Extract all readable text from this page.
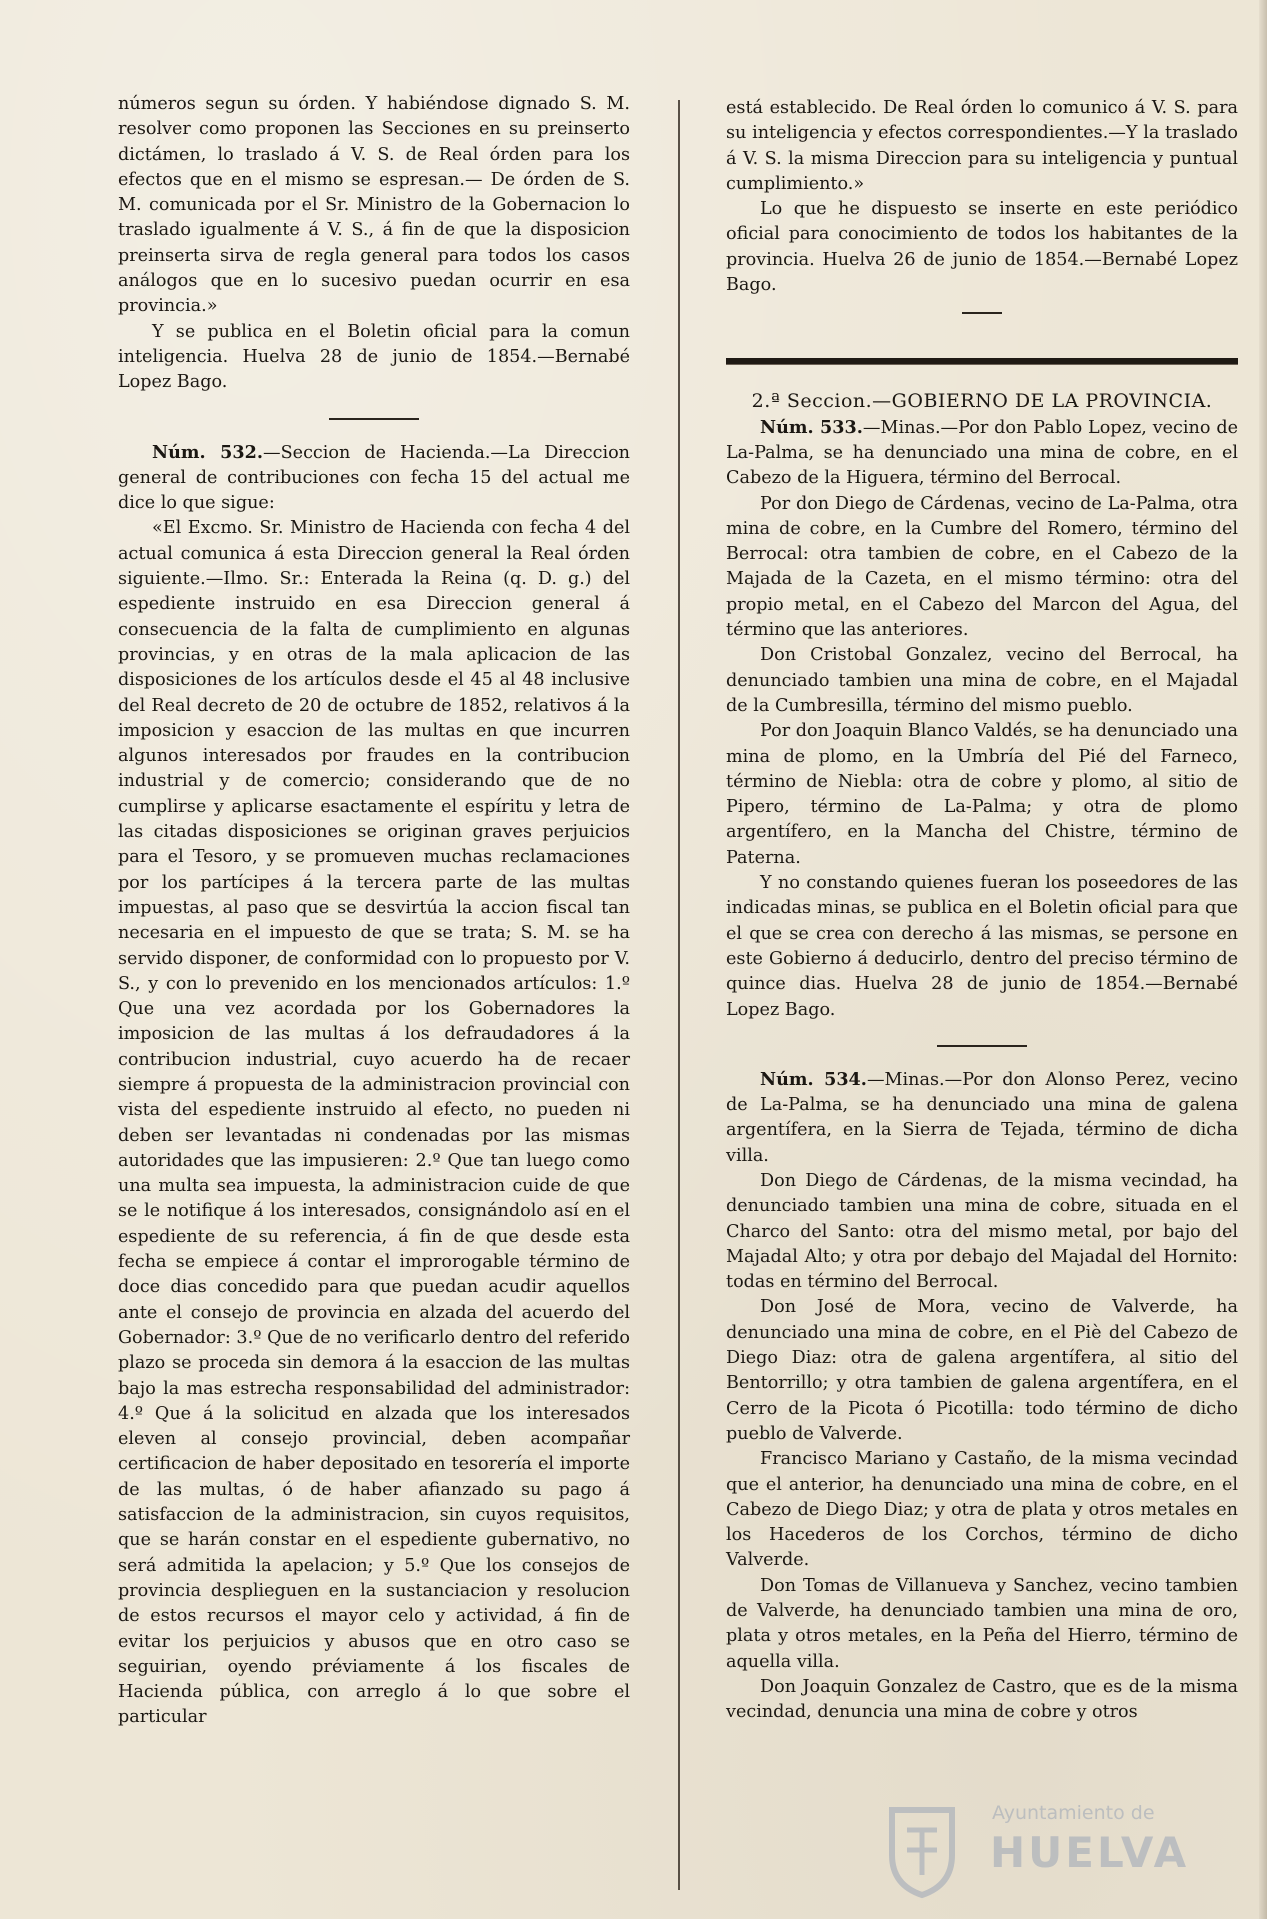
números segun su órden. Y habiéndose dignado S. M. resolver como proponen las Secciones en su preinserto dictámen, lo traslado á V. S. de Real órden para los efectos que en el mismo se espresan.— De órden de S. M. comunicada por el Sr. Ministro de la Gobernacion lo traslado igualmente á V. S., á fin de que la disposicion preinserta sirva de regla general para todos los casos análogos que en lo sucesivo puedan ocurrir en esa provincia.»

Y se publica en el Boletin oficial para la comun inteligencia. Huelva 28 de junio de 1854.—Bernabé Lopez Bago.

Núm. 532.—Seccion de Hacienda.—La Direccion general de contribuciones con fecha 15 del actual me dice lo que sigue:

«El Excmo. Sr. Ministro de Hacienda con fecha 4 del actual comunica á esta Direccion general la Real órden siguiente.—Ilmo. Sr.: Enterada la Reina (q. D. g.) del espediente instruido en esa Direccion general á consecuencia de la falta de cumplimiento en algunas provincias, y en otras de la mala aplicacion de las disposiciones de los artículos desde el 45 al 48 inclusive del Real decreto de 20 de octubre de 1852, relativos á la imposicion y esaccion de las multas en que incurren algunos interesados por fraudes en la contribucion industrial y de comercio; considerando que de no cumplirse y aplicarse esactamente el espíritu y letra de las citadas disposiciones se originan graves perjuicios para el Tesoro, y se promueven muchas reclamaciones por los partícipes á la tercera parte de las multas impuestas, al paso que se desvirtúa la accion fiscal tan necesaria en el impuesto de que se trata; S. M. se ha servido disponer, de conformidad con lo propuesto por V. S., y con lo prevenido en los mencionados artículos: 1.º Que una vez acordada por los Gobernadores la imposicion de las multas á los defraudadores á la contribucion industrial, cuyo acuerdo ha de recaer siempre á propuesta de la administracion provincial con vista del espediente instruido al efecto, no pueden ni deben ser levantadas ni condenadas por las mismas autoridades que las impusieren: 2.º Que tan luego como una multa sea impuesta, la administracion cuide de que se le notifique á los interesados, consignándolo así en el espediente de su referencia, á fin de que desde esta fecha se empiece á contar el improrogable término de doce dias concedido para que puedan acudir aquellos ante el consejo de provincia en alzada del acuerdo del Gobernador: 3.º Que de no verificarlo dentro del referido plazo se proceda sin demora á la esaccion de las multas bajo la mas estrecha responsabilidad del administrador: 4.º Que á la solicitud en alzada que los interesados eleven al consejo provincial, deben acompañar certificacion de haber depositado en tesorería el importe de las multas, ó de haber afianzado su pago á satisfaccion de la administracion, sin cuyos requisitos, que se harán constar en el espediente gubernativo, no será admitida la apelacion; y 5.º Que los consejos de provincia desplieguen en la sustanciacion y resolucion de estos recursos el mayor celo y actividad, á fin de evitar los perjuicios y abusos que en otro caso se seguirian, oyendo préviamente á los fiscales de Hacienda pública, con arreglo á lo que sobre el particular

está establecido. De Real órden lo comunico á V. S. para su inteligencia y efectos correspondientes.—Y la traslado á V. S. la misma Direccion para su inteligencia y puntual cumplimiento.»

Lo que he dispuesto se inserte en este periódico oficial para conocimiento de todos los habitantes de la provincia. Huelva 26 de junio de 1854.—Bernabé Lopez Bago.

2.ª Seccion.—GOBIERNO DE LA PROVINCIA.

Núm. 533.—Minas.—Por don Pablo Lopez, vecino de La-Palma, se ha denunciado una mina de cobre, en el Cabezo de la Higuera, término del Berrocal.

Por don Diego de Cárdenas, vecino de La-Palma, otra mina de cobre, en la Cumbre del Romero, término del Berrocal: otra tambien de cobre, en el Cabezo de la Majada de la Cazeta, en el mismo término: otra del propio metal, en el Cabezo del Marcon del Agua, del término que las anteriores.

Don Cristobal Gonzalez, vecino del Berrocal, ha denunciado tambien una mina de cobre, en el Majadal de la Cumbresilla, término del mismo pueblo.

Por don Joaquin Blanco Valdés, se ha denunciado una mina de plomo, en la Umbría del Pié del Farneco, término de Niebla: otra de cobre y plomo, al sitio de Pipero, término de La-Palma; y otra de plomo argentífero, en la Mancha del Chistre, término de Paterna.

Y no constando quienes fueran los poseedores de las indicadas minas, se publica en el Boletin oficial para que el que se crea con derecho á las mismas, se persone en este Gobierno á deducirlo, dentro del preciso término de quince dias. Huelva 28 de junio de 1854.—Bernabé Lopez Bago.

Núm. 534.—Minas.—Por don Alonso Perez, vecino de La-Palma, se ha denunciado una mina de galena argentífera, en la Sierra de Tejada, término de dicha villa.

Don Diego de Cárdenas, de la misma vecindad, ha denunciado tambien una mina de cobre, situada en el Charco del Santo: otra del mismo metal, por bajo del Majadal Alto; y otra por debajo del Majadal del Hornito: todas en término del Berrocal.

Don José de Mora, vecino de Valverde, ha denunciado una mina de cobre, en el Piè del Cabezo de Diego Diaz: otra de galena argentífera, al sitio del Bentorrillo; y otra tambien de galena argentífera, en el Cerro de la Picota ó Picotilla: todo término de dicho pueblo de Valverde.

Francisco Mariano y Castaño, de la misma vecindad que el anterior, ha denunciado una mina de cobre, en el Cabezo de Diego Diaz; y otra de plata y otros metales en los Hacederos de los Corchos, término de dicho Valverde.

Don Tomas de Villanueva y Sanchez, vecino tambien de Valverde, ha denunciado tambien una mina de oro, plata y otros metales, en la Peña del Hierro, término de aquella villa.

Don Joaquin Gonzalez de Castro, que es de la misma vecindad, denuncia una mina de cobre y otros

Ayuntamiento de
HUELVA
